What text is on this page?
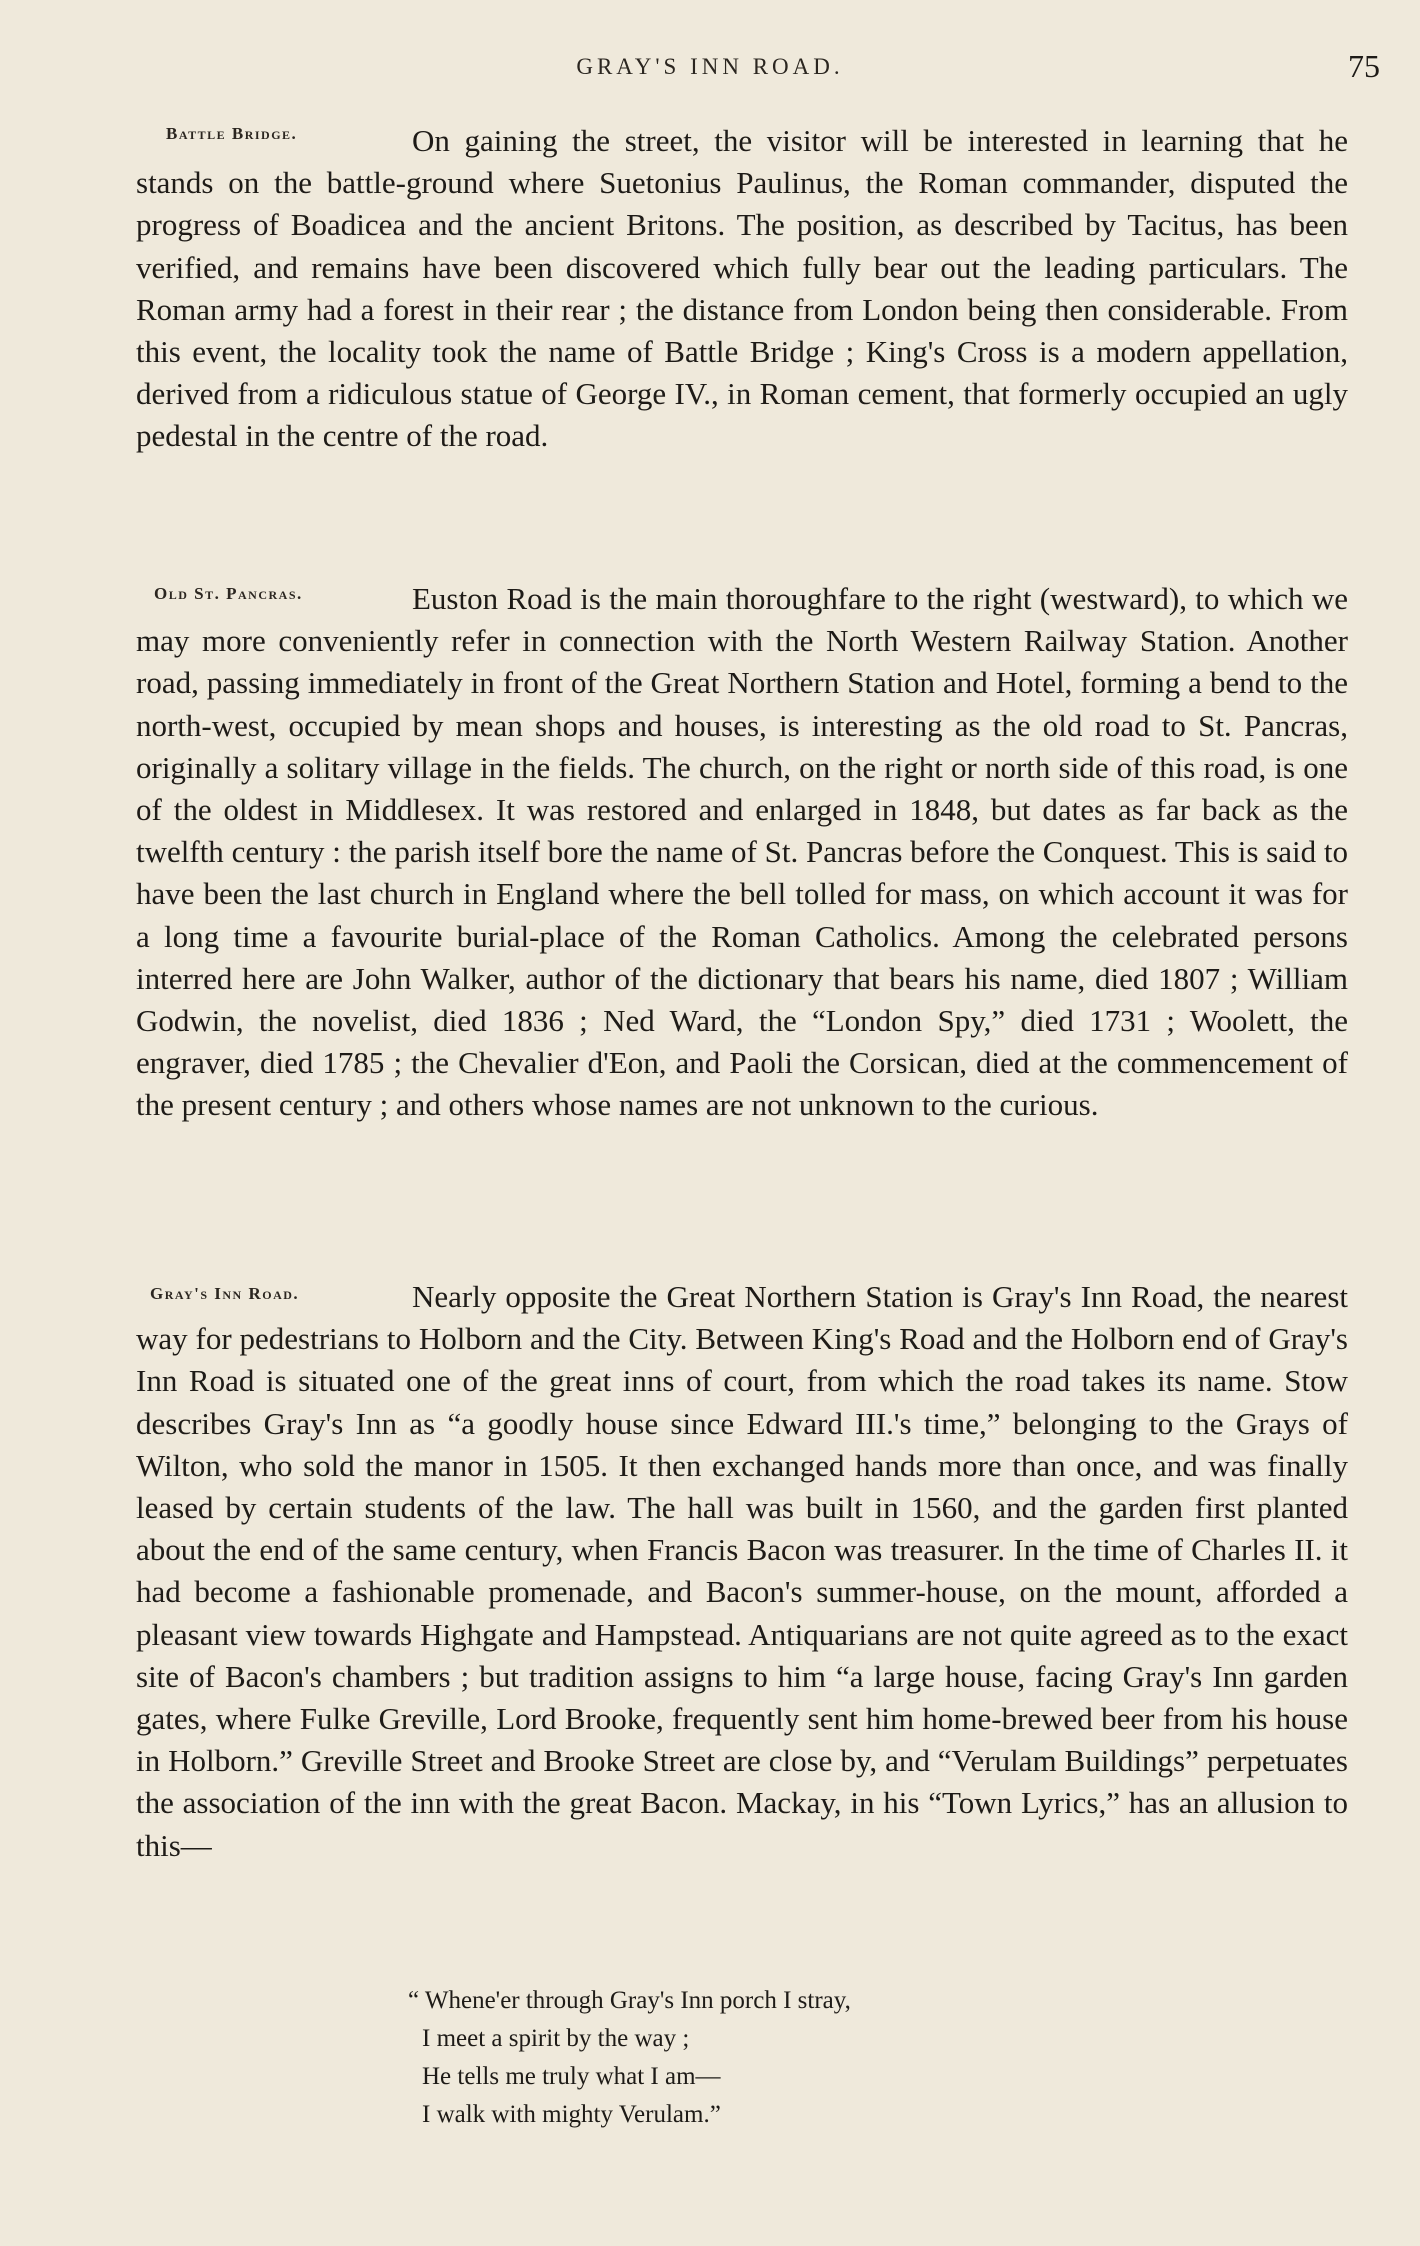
GRAY'S INN ROAD.	75
Battle Bridge.	On gaining the street, the visitor will be interested in learning that he stands on the battle-ground where Suetonius Paulinus, the Roman commander, disputed the progress of Boadicea and the ancient Britons. The position, as described by Tacitus, has been verified, and remains have been discovered which fully bear out the leading particulars. The Roman army had a forest in their rear ; the distance from London being then considerable. From this event, the locality took the name of Battle Bridge ; King's Cross is a modern appellation, derived from a ridiculous statue of George IV., in Roman cement, that formerly occupied an ugly pedestal in the centre of the road.

Old St. Pancras.	Euston Road is the main thoroughfare to the right (westward), to which we may more conveniently refer in connection with the North Western Railway Station. Another road, passing immediately in front of the Great Northern Station and Hotel, forming a bend to the north-west, occupied by mean shops and houses, is interesting as the old road to St. Pancras, originally a solitary village in the fields. The church, on the right or north side of this road, is one of the oldest in Middlesex. It was restored and enlarged in 1848, but dates as far back as the twelfth century : the parish itself bore the name of St. Pancras before the Conquest. This is said to have been the last church in England where the bell tolled for mass, on which account it was for a long time a favourite burial-place of the Roman Catholics. Among the celebrated persons interred here are John Walker, author of the dictionary that bears his name, died 1807 ; William Godwin, the novelist, died 1836 ; Ned Ward, the “London Spy,” died 1731 ; Woolett, the engraver, died 1785 ; the Chevalier d'Eon, and Paoli the Corsican, died at the commencement of the present century ; and others whose names are not unknown to the curious.

Gray's Inn Road.	Nearly opposite the Great Northern Station is Gray's Inn Road, the nearest way for pedestrians to Holborn and the City. Between King's Road and the Holborn end of Gray's Inn Road is situated one of the great inns of court, from which the road takes its name. Stow describes Gray's Inn as “a goodly house since Edward III.'s time,” belonging to the Grays of Wilton, who sold the manor in 1505. It then exchanged hands more than once, and was finally leased by certain students of the law. The hall was built in 1560, and the garden first planted about the end of the same century, when Francis Bacon was treasurer. In the time of Charles II. it had become a fashionable promenade, and Bacon's summer-house, on the mount, afforded a pleasant view towards Highgate and Hampstead. Antiquarians are not quite agreed as to the exact site of Bacon's chambers ; but tradition assigns to him “a large house, facing Gray's Inn garden gates, where Fulke Greville, Lord Brooke, frequently sent him home-brewed beer from his house in Holborn.” Greville Street and Brooke Street are close by, and “Verulam Buildings” perpetuates the association of the inn with the great Bacon. Mackay, in his “Town Lyrics,” has an allusion to this—

“ Whene'er through Gray's Inn porch I stray,
I meet a spirit by the way ;
He tells me truly what I am—
I walk with mighty Verulam.”
